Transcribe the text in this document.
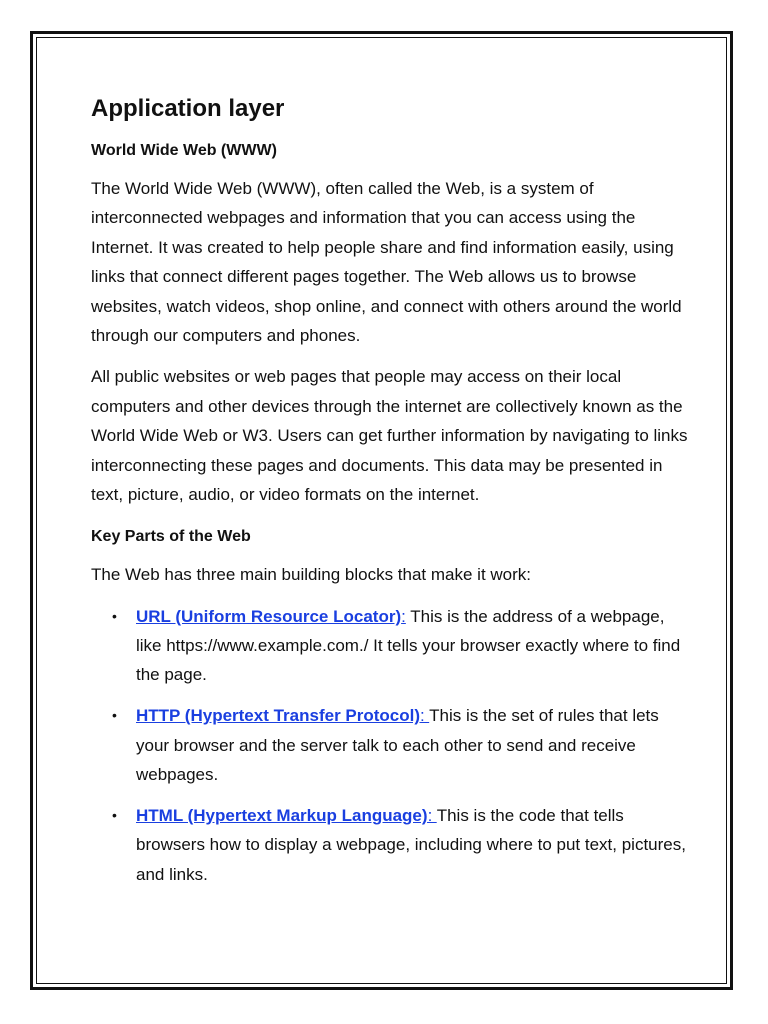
Application layer
World Wide Web (WWW)

The World Wide Web (WWW), often called the Web, is a system of interconnected webpages and information that you can access using the Internet. It was created to help people share and find information easily, using links that connect different pages together. The Web allows us to browse websites, watch videos, shop online, and connect with others around the world through our computers and phones.

All public websites or web pages that people may access on their local computers and other devices through the internet are collectively known as the World Wide Web or W3. Users can get further information by navigating to links interconnecting these pages and documents. This data may be presented in text, picture, audio, or video formats on the internet.

Key Parts of the Web

The Web has three main building blocks that make it work:

• URL (Uniform Resource Locator): This is the address of a webpage, like https://www.example.com./ It tells your browser exactly where to find the page.
• HTTP (Hypertext Transfer Protocol): This is the set of rules that lets your browser and the server talk to each other to send and receive webpages.
• HTML (Hypertext Markup Language): This is the code that tells browsers how to display a webpage, including where to put text, pictures, and links.
